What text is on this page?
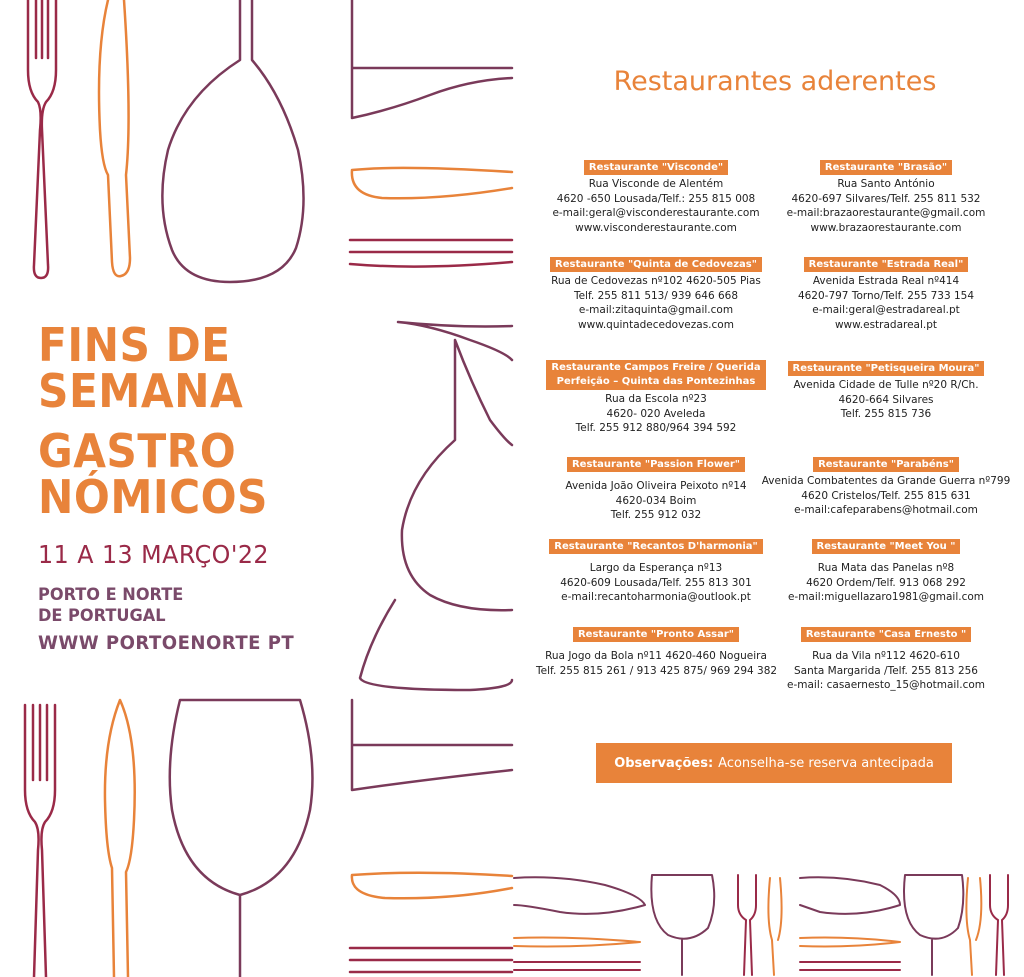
FINS DE
SEMANA
GASTRO
NÓMICOS
11 A 13 MARÇO'22
PORTO E NORTE
DE PORTUGAL
WWW PORTOENORTE PT
Restaurantes aderentes
Restaurante "Visconde"
Rua Visconde de Alentém
4620 -650 Lousada/Telf.: 255 815 008
e-mail:geral@visconderestaurante.com
www.visconderestaurante.com
Restaurante "Brasão"
Rua Santo António
4620-697 Silvares/Telf. 255 811 532
e-mail:brazaorestaurante@gmail.com
www.brazaorestaurante.com
Restaurante "Quinta de Cedovezas"
Rua de Cedovezas nº102 4620-505 Pias
Telf. 255 811 513/ 939 646 668
e-mail:zitaquinta@gmail.com
www.quintadecedovezas.com
Restaurante "Estrada Real"
Avenida Estrada Real nº414
4620-797 Torno/Telf. 255 733 154
e-mail:geral@estradareal.pt
www.estradareal.pt
Restaurante Campos Freire / Querida
Perfeição – Quinta das Pontezinhas
Rua da Escola nº23
4620- 020 Aveleda
Telf. 255 912 880/964 394 592
Restaurante "Petisqueira Moura"
Avenida Cidade de Tulle nº20 R/Ch.
4620-664 Silvares
Telf. 255 815 736
Restaurante "Passion Flower"
Avenida João Oliveira Peixoto nº14
4620-034 Boim
Telf. 255 912 032
Restaurante "Parabéns"
Avenida Combatentes da Grande Guerra nº799
4620 Cristelos/Telf. 255 815 631
e-mail:cafeparabens@hotmail.com
Restaurante "Recantos D'harmonia"
Largo da Esperança nº13
4620-609 Lousada/Telf. 255 813 301
e-mail:recantoharmonia@outlook.pt
Restaurante "Meet You "
Rua Mata das Panelas nº8
4620 Ordem/Telf. 913 068 292
e-mail:miguellazaro1981@gmail.com
Restaurante "Pronto Assar"
Rua Jogo da Bola nº11 4620-460 Nogueira
Telf. 255 815 261 / 913 425 875/ 969 294 382
Restaurante "Casa Ernesto "
Rua da Vila nº112 4620-610
Santa Margarida /Telf. 255 813 256
e-mail: casaernesto_15@hotmail.com
Observações: Aconselha-se reserva antecipada
